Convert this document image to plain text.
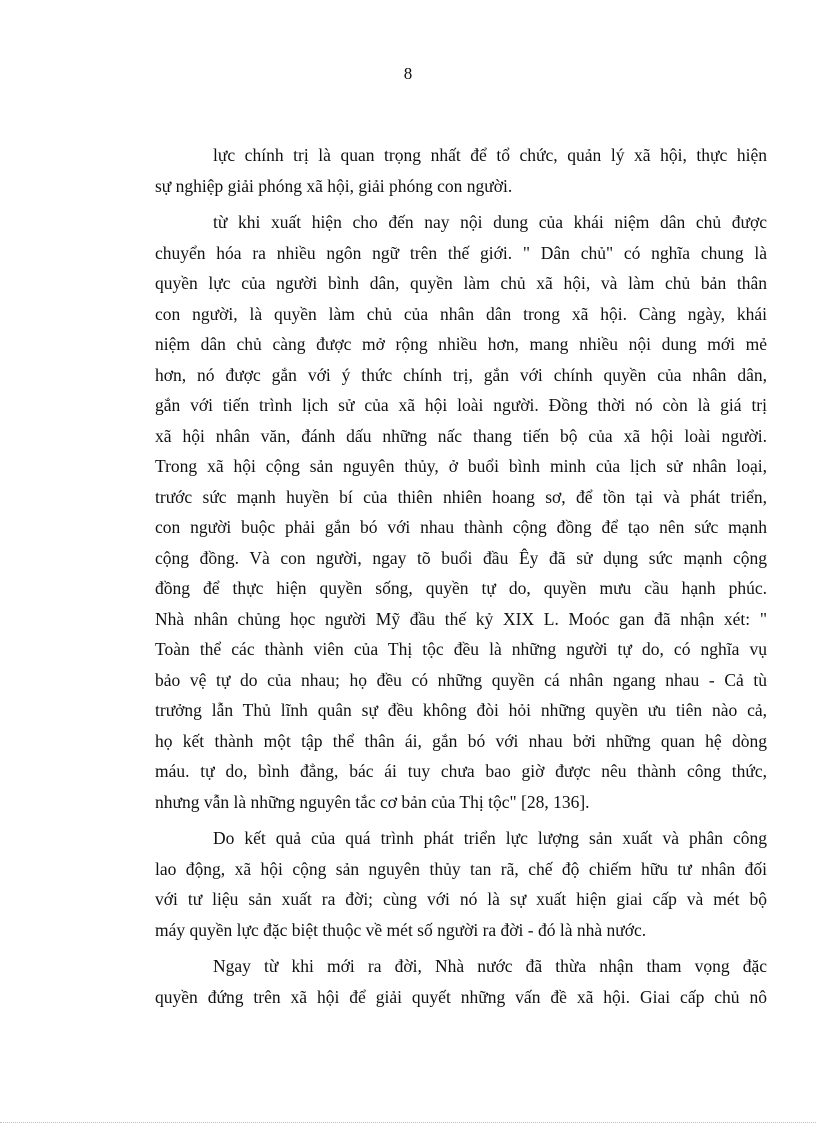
8
lực chính trị là quan trọng nhất để tổ chức, quản lý xã hội, thực hiện
sự nghiệp giải phóng xã hội, giải phóng con người.
từ khi xuất hiện cho đến nay nội dung của khái niệm dân chủ được
chuyển hóa ra nhiều ngôn ngữ trên thế giới. " Dân chủ" có nghĩa chung là
quyền lực của người bình dân, quyền làm chủ xã hội, và làm chủ bản thân
con người, là quyền làm chủ của nhân dân trong xã hội. Càng ngày, khái
niệm dân chủ càng được mở rộng nhiều hơn, mang nhiều nội dung mới mẻ
hơn, nó được gắn với ý thức chính trị, gắn với chính quyền của nhân dân,
gắn với tiến trình lịch sử của xã hội loài người. Đồng thời nó còn là giá trị
xã hội nhân văn, đánh dấu những nấc thang tiến bộ của xã hội loài người.
Trong xã hội cộng sản nguyên thủy, ở buổi bình minh của lịch sử nhân loại,
trước sức mạnh huyền bí của thiên nhiên hoang sơ, để tồn tại và phát triển,
con người buộc phải gắn bó với nhau thành cộng đồng để tạo nên sức mạnh
cộng đồng. Và con người, ngay tõ buổi đầu Êy đã sử dụng sức mạnh cộng
đồng để thực hiện quyền sống, quyền tự do, quyền mưu cầu hạnh phúc.
Nhà nhân chủng học người Mỹ đầu thế kỷ XIX L. Moóc gan đã nhận xét: "
Toàn thể các thành viên của Thị tộc đều là những người tự do, có nghĩa vụ
bảo vệ tự do của nhau; họ đều có những quyền cá nhân ngang nhau - Cả tù
trưởng lẫn Thủ lĩnh quân sự đều không đòi hỏi những quyền ưu tiên nào cả,
họ kết thành một tập thể thân ái, gắn bó với nhau bởi những quan hệ dòng
máu. tự do, bình đẳng, bác ái tuy chưa bao giờ được nêu thành công thức,
nhưng vẫn là những nguyên tắc cơ bản của Thị tộc" [28, 136].
Do kết quả của quá trình phát triển lực lượng sản xuất và phân công
lao động, xã hội cộng sản nguyên thủy tan rã, chế độ chiếm hữu tư nhân đối
với tư liệu sản xuất ra đời; cùng với nó là sự xuất hiện giai cấp và mét bộ
máy quyền lực đặc biệt thuộc về mét số người ra đời - đó là nhà nước.
Ngay từ khi mới ra đời, Nhà nước đã thừa nhận tham vọng đặc
quyền đứng trên xã hội để giải quyết những vấn đề xã hội. Giai cấp chủ nô
